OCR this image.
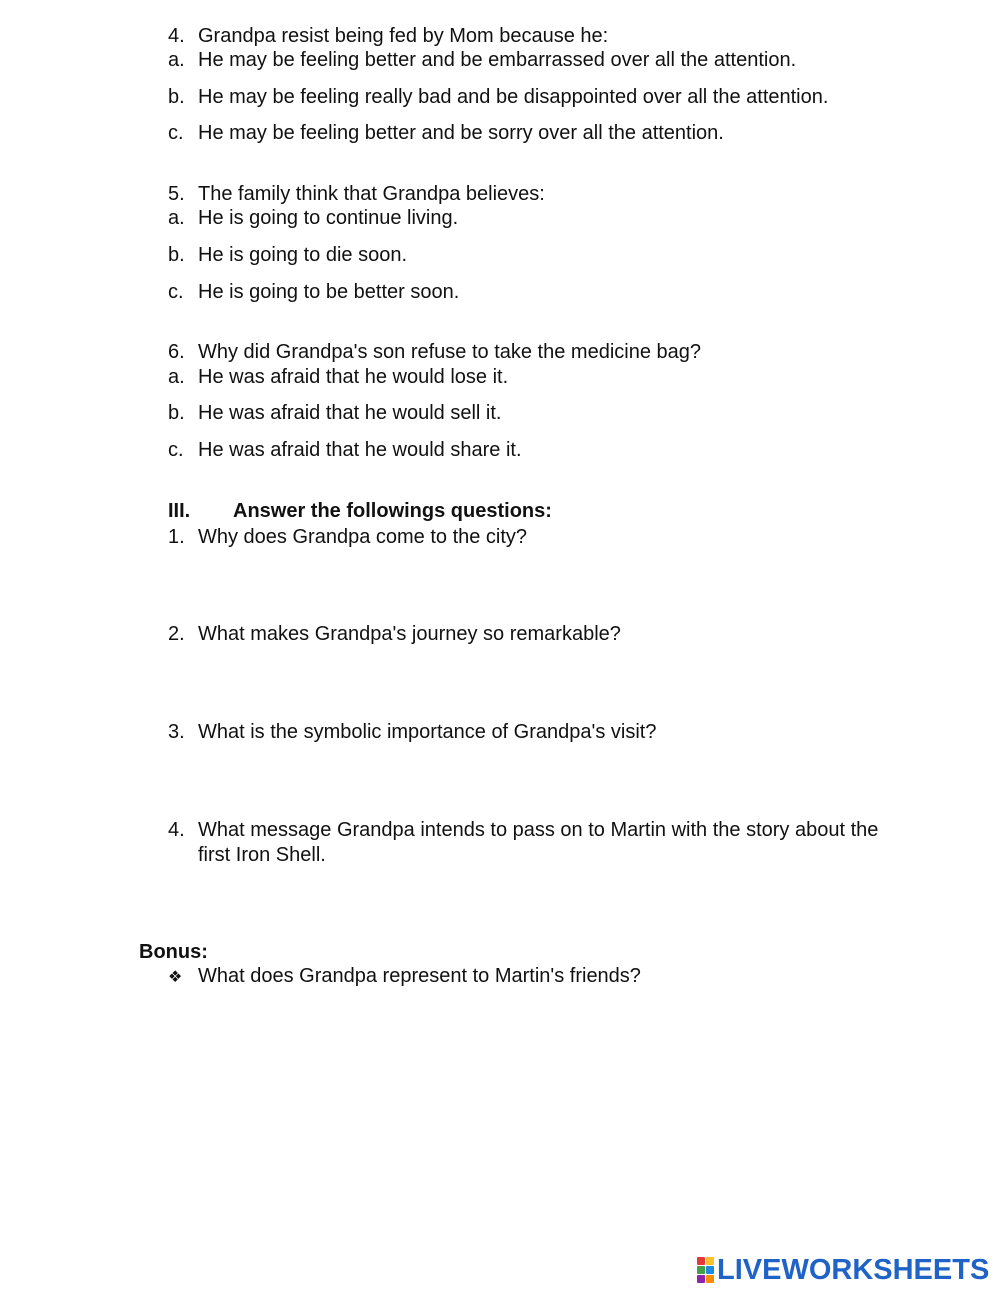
4. Grandpa resist being fed by Mom because he:
a. He may be feeling better and be embarrassed over all the attention.
b. He may be feeling really bad and be disappointed over all the attention.
c. He may be feeling better and be sorry over all the attention.
5. The family think that Grandpa believes:
a. He is going to continue living.
b. He is going to die soon.
c. He is going to be better soon.
6. Why did Grandpa's son refuse to take the medicine bag?
a. He was afraid that he would lose it.
b. He was afraid that he would sell it.
c. He was afraid that he would share it.
III. Answer the followings questions:
1. Why does Grandpa come to the city?
2. What makes Grandpa's journey so remarkable?
3. What is the symbolic importance of Grandpa's visit?
4. What message Grandpa intends to pass on to Martin with the story about the
first Iron Shell.
Bonus:
❖ What does Grandpa represent to Martin's friends?
LIVEWORKSHEETS
